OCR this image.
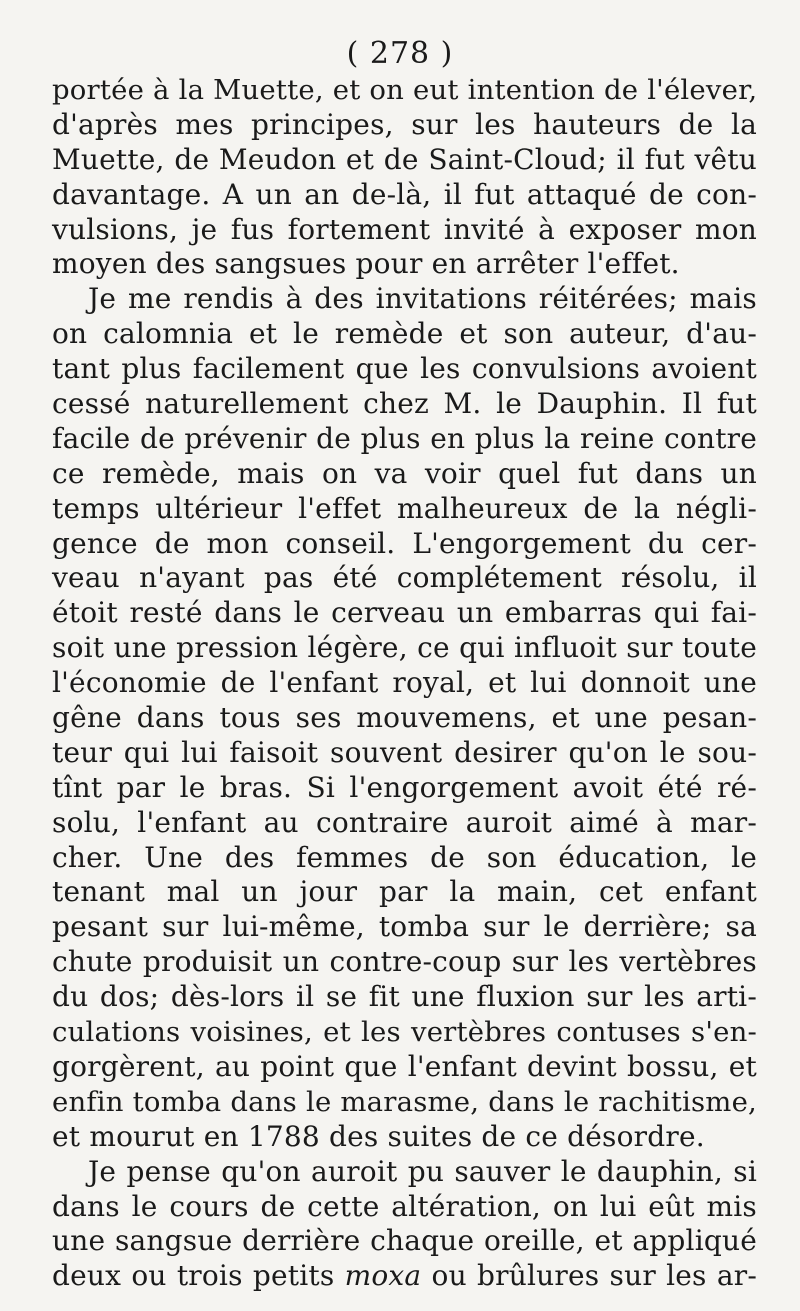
( 278 )
portée à la Muette, et on eut intention de l'élever,
d'après mes principes, sur les hauteurs de la
Muette, de Meudon et de Saint-Cloud; il fut vêtu
davantage. A un an de-là, il fut attaqué de con-
vulsions, je fus fortement invité à exposer mon
moyen des sangsues pour en arrêter l'effet.
Je me rendis à des invitations réitérées; mais
on calomnia et le remède et son auteur, d'au-
tant plus facilement que les convulsions avoient
cessé naturellement chez M. le Dauphin. Il fut
facile de prévenir de plus en plus la reine contre
ce remède, mais on va voir quel fut dans un
temps ultérieur l'effet malheureux de la négli-
gence de mon conseil. L'engorgement du cer-
veau n'ayant pas été complétement résolu, il
étoit resté dans le cerveau un embarras qui fai-
soit une pression légère, ce qui influoit sur toute
l'économie de l'enfant royal, et lui donnoit une
gêne dans tous ses mouvemens, et une pesan-
teur qui lui faisoit souvent desirer qu'on le sou-
tînt par le bras. Si l'engorgement avoit été ré-
solu, l'enfant au contraire auroit aimé à mar-
cher. Une des femmes de son éducation, le
tenant mal un jour par la main, cet enfant
pesant sur lui-même, tomba sur le derrière; sa
chute produisit un contre-coup sur les vertèbres
du dos; dès-lors il se fit une fluxion sur les arti-
culations voisines, et les vertèbres contuses s'en-
gorgèrent, au point que l'enfant devint bossu, et
enfin tomba dans le marasme, dans le rachitisme,
et mourut en 1788 des suites de ce désordre.
Je pense qu'on auroit pu sauver le dauphin, si
dans le cours de cette altération, on lui eût mis
une sangsue derrière chaque oreille, et appliqué
deux ou trois petits moxa ou brûlures sur les ar-
